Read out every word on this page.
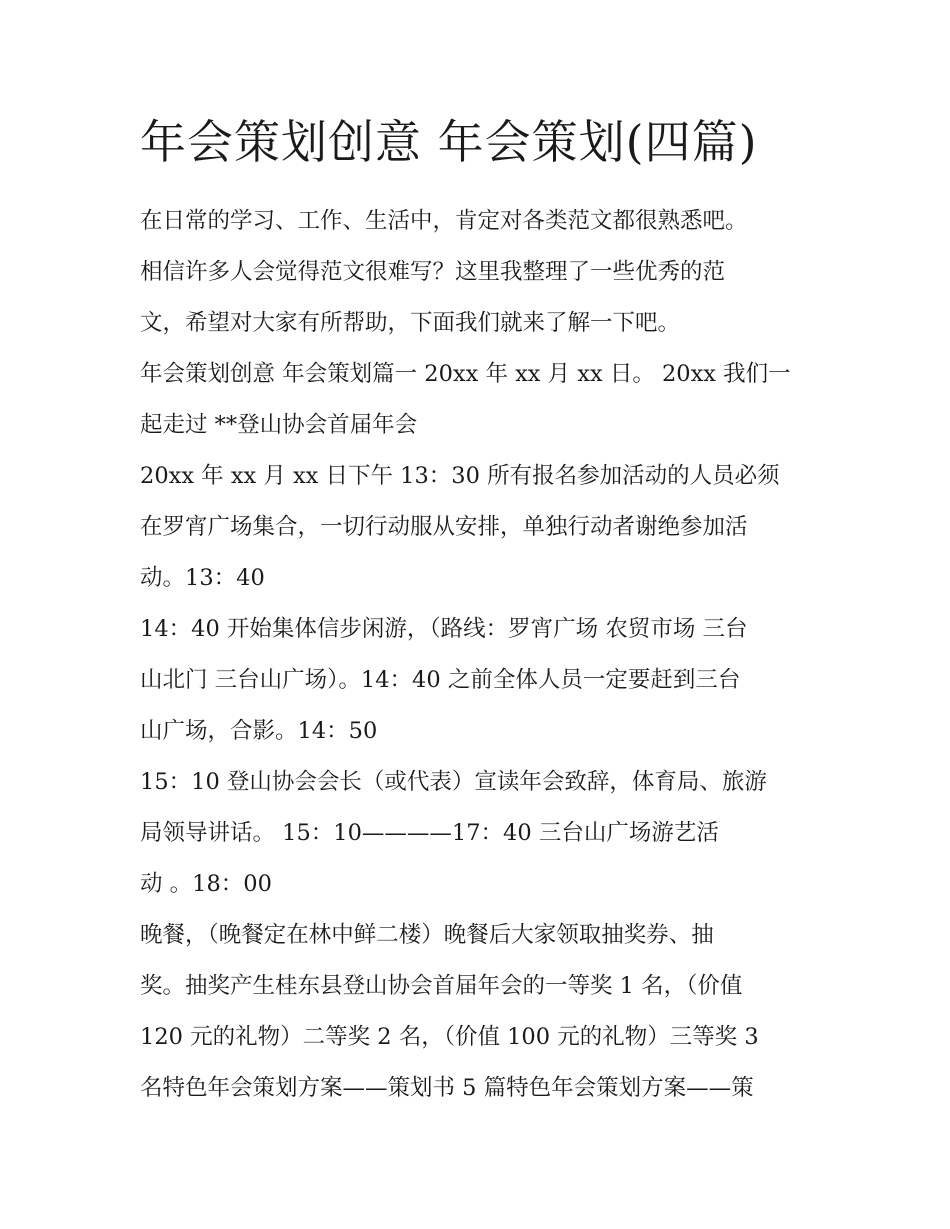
年会策划创意 年会策划(四篇)

在日常的学习、工作、生活中，肯定对各类范文都很熟悉吧。

相信许多人会觉得范文很难写？这里我整理了一些优秀的范

文，希望对大家有所帮助，下面我们就来了解一下吧。

年会策划创意 年会策划篇一 20xx 年 xx 月 xx 日。 20xx 我们一

起走过 **登山协会首届年会

20xx 年 xx 月 xx 日下午 13：30 所有报名参加活动的人员必须

在罗宵广场集合，一切行动服从安排，单独行动者谢绝参加活

动。13：40

14：40 开始集体信步闲游，（路线：罗宵广场 农贸市场 三台

山北门 三台山广场）。14：40 之前全体人员一定要赶到三台

山广场，合影。14：50

15：10 登山协会会长（或代表）宣读年会致辞，体育局、旅游

局领导讲话。 15：10————17：40 三台山广场游艺活

动 。18：00

晚餐，（晚餐定在林中鲜二楼）晚餐后大家领取抽奖券、抽

奖。抽奖产生桂东县登山协会首届年会的一等奖 1 名，（价值

120 元的礼物）二等奖 2 名，（价值 100 元的礼物）三等奖 3

名特色年会策划方案——策划书 5 篇特色年会策划方案——策
